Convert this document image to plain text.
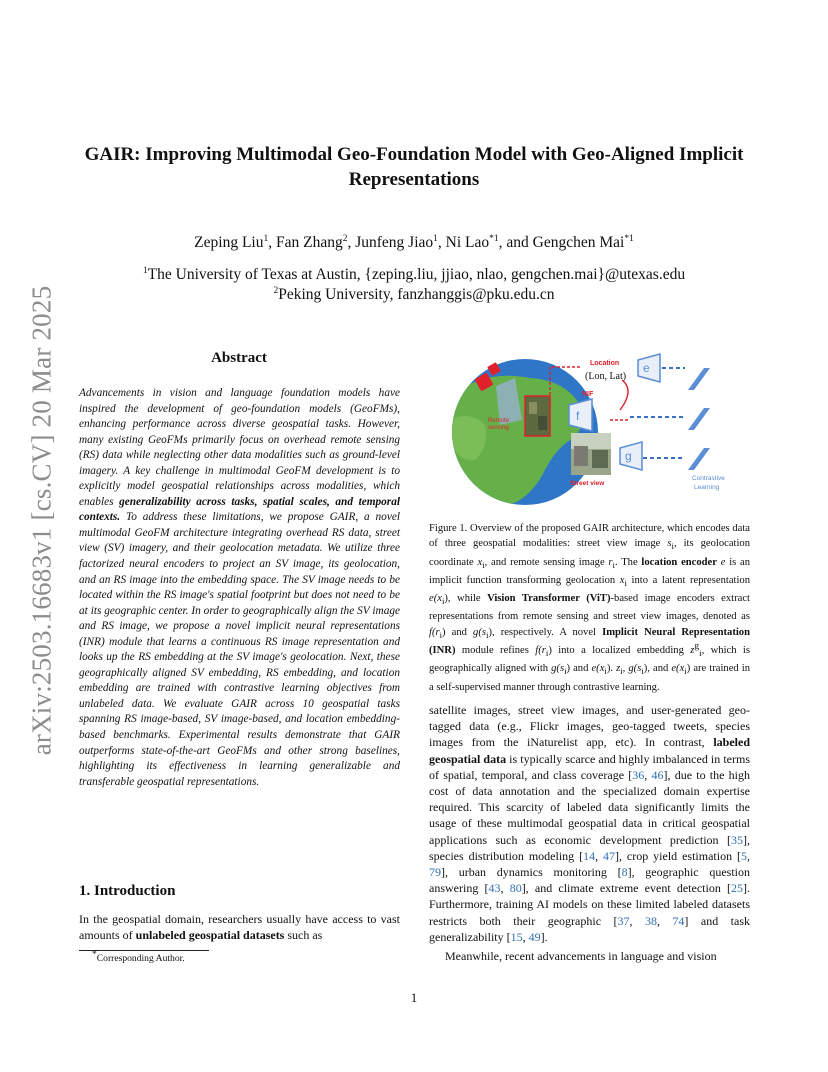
arXiv:2503.16683v1 [cs.CV] 20 Mar 2025
GAIR: Improving Multimodal Geo-Foundation Model with Geo-Aligned Implicit Representations
Zeping Liu$^1$, Fan Zhang$^2$, Junfeng Jiao$^1$, Ni Lao$^{*1}$, and Gengchen Mai$^{*1}$
$^1$The University of Texas at Austin, {zeping.liu, jjiao, nlao, gengchen.mai}@utexas.edu
$^2$Peking University, fanzhanggis@pku.edu.cn
Abstract
Advancements in vision and language foundation models have inspired the development of geo-foundation models (GeoFMs), enhancing performance across diverse geospatial tasks. However, many existing GeoFMs primarily focus on overhead remote sensing (RS) data while neglecting other data modalities such as ground-level imagery. A key challenge in multimodal GeoFM development is to explicitly model geospatial relationships across modalities, which enables generalizability across tasks, spatial scales, and temporal contexts. To address these limitations, we propose GAIR, a novel multimodal GeoFM architecture integrating overhead RS data, street view (SV) imagery, and their geolocation metadata. We utilize three factorized neural encoders to project an SV image, its geolocation, and an RS image into the embedding space. The SV image needs to be located within the RS image's spatial footprint but does not need to be at its geographic center. In order to geographically align the SV image and RS image, we propose a novel implicit neural representations (INR) module that learns a continuous RS image representation and looks up the RS embedding at the SV image's geolocation. Next, these geographically aligned SV embedding, RS embedding, and location embedding are trained with contrastive learning objectives from unlabeled data. We evaluate GAIR across 10 geospatial tasks spanning RS image-based, SV image-based, and location embedding-based benchmarks. Experimental results demonstrate that GAIR outperforms state-of-the-art GeoFMs and other strong baselines, highlighting its effectiveness in learning generalizable and transferable geospatial representations.
1. Introduction
In the geospatial domain, researchers usually have access to vast amounts of unlabeled geospatial datasets such as
*Corresponding Author.
Remote
sensing
Street view
Location
(Lon, Lat)
NIF
e
f
g
Contrastive
Learning
Figure 1. Overview of the proposed GAIR architecture, which encodes data of three geospatial modalities: street view image $s_i$, its geolocation coordinate $x_i$, and remote sensing image $r_i$. The location encoder e is an implicit function transforming geolocation $x_i$ into a latent representation $e(x_i)$, while Vision Transformer (ViT)-based image encoders extract representations from remote sensing and street view images, denoted as $f(r_i)$ and $g(s_i)$, respectively. A novel Implicit Neural Representation (INR) module refines $f(r_i)$ into a localized embedding $z^g_i$, which is geographically aligned with $g(s_i)$ and $e(x_i)$. $z_i$, $g(s_i)$, and $e(x_i)$ are trained in a self-supervised manner through contrastive learning.
satellite images, street view images, and user-generated geo-tagged data (e.g., Flickr images, geo-tagged tweets, species images from the iNaturelist app, etc). In contrast, labeled geospatial data is typically scarce and highly imbalanced in terms of spatial, temporal, and class coverage [36, 46], due to the high cost of data annotation and the specialized domain expertise required. This scarcity of labeled data significantly limits the usage of these multimodal geospatial data in critical geospatial applications such as economic development prediction [35], species distribution modeling [14, 47], crop yield estimation [5, 79], urban dynamics monitoring [8], geographic question answering [43, 80], and climate extreme event detection [25]. Furthermore, training AI models on these limited labeled datasets restricts both their geographic [37, 38, 74] and task generalizability [15, 49].
Meanwhile, recent advancements in language and vision
1
